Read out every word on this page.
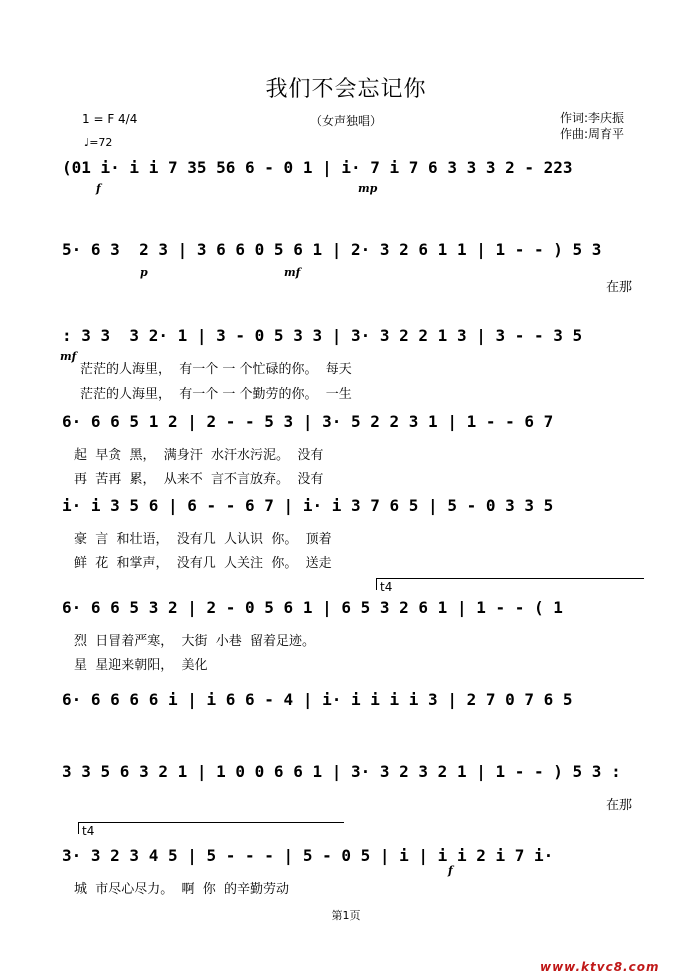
我们不会忘记你
（女声独唱）
1 = F 4/4
♩=72
作词:李庆振
作曲:周育平
(01 i· i i 7 35 56 6 - 0 1 | i· 7 i 7 6 3 3 3 2 - 223
f	mp
5· 6 3  2 3 | 3 6 6 0 5 6 1 | 2· 3 2 6 1 1 | 1 - - ) 5 3
p	mf
在那
: 3 3  3 2· 1 | 3 - 0 5 3 3 | 3· 3 2 2 1 3 | 3 - - 3 5
mf
茫茫的人海里，  有一个 一 个忙碌的你。  每天
茫茫的人海里，  有一个 一 个勤劳的你。  一生
6· 6 6 5 1 2 | 2 - - 5 3 | 3· 5 2 2 3 1 | 1 - - 6 7
起  早贪  黑，  满身汗  水汗水污泥。  没有
再  苦再  累，  从来不  言不言放弃。  没有
i· i 3 5 6 | 6 - - 6 7 | i· i 3 7 6 5 | 5 - 0 3 3 5
豪  言  和壮语，  没有几  人认识  你。  顶着
鲜  花  和掌声，  没有几  人关注  你。  送走
t4
6· 6 6 5 3 2 | 2 - 0 5 6 1 | 6 5 3 2 6 1 | 1 - - ( 1
烈  日冒着严寒，  大街  小巷  留着足迹。
星  星迎来朝阳，  美化
6· 6 6 6 6 i | i 6 6 - 4 | i· i i i i 3 | 2 7 0 7 6 5
3 3 5 6 3 2 1 | 1 0 0 6 6 1 | 3· 3 2 3 2 1 | 1 - - ) 5 3 :
在那
t4
3· 3 2 3 4 5 | 5 - - - | 5 - 0 5 | i | i i 2 i 7 i·
f
城  市尽心尽力。  啊  你  的辛勤劳动
第1页
www.ktvc8.com
